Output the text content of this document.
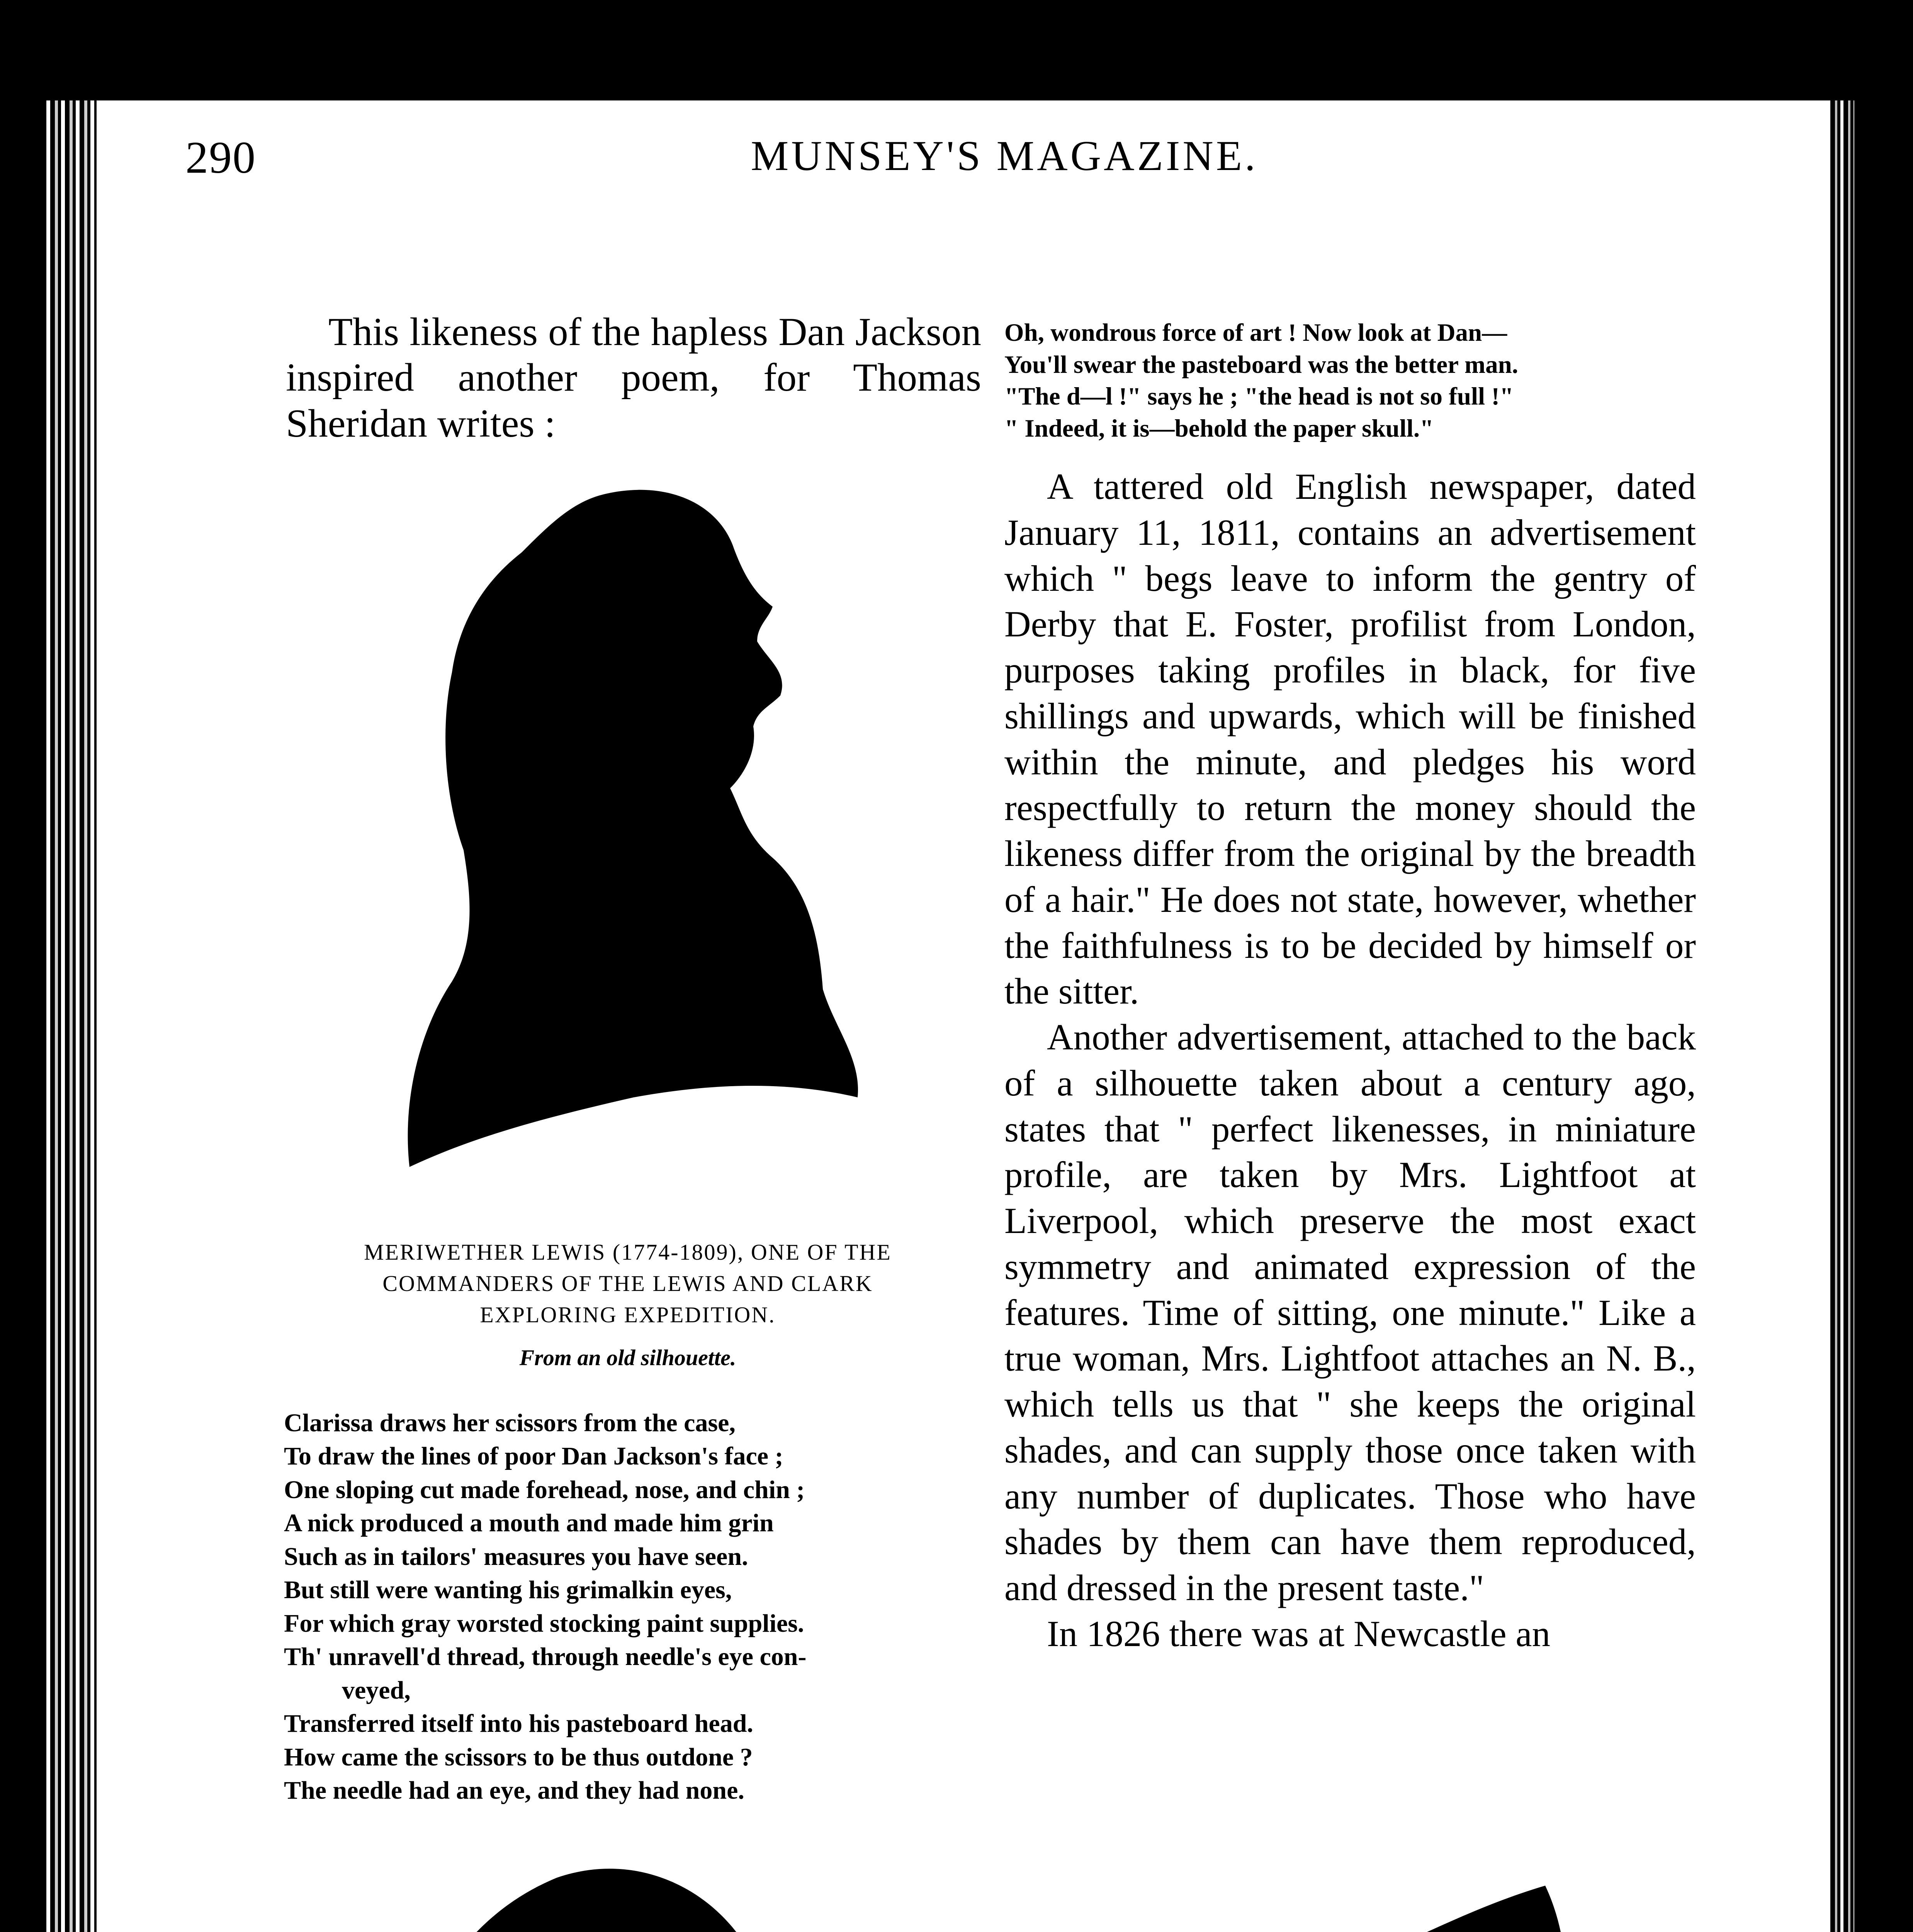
290	MUNSEY'S MAGAZINE.

This likeness of the hapless Dan Jackson inspired another poem, for Thomas Sheridan writes :

Oh, wondrous force of art ! Now look at Dan—
You'll swear the pasteboard was the better man.
"The d—l !" says he ; "the head is not so full !"
" Indeed, it is—behold the paper skull."

A tattered old English newspaper, dated January 11, 1811, contains an advertisement which " begs leave to inform the gentry of Derby that E. Foster, profilist from London, purposes taking profiles in black, for five shillings and upwards, which will be finished within the minute, and pledges his word respectfully to return the money should the likeness differ from the original by the breadth of a hair." He does not state, however, whether the faithfulness is to be decided by himself or the sitter.

Another advertisement, attached to the back of a silhouette taken about a century ago, states that " perfect likenesses, in miniature profile, are taken by Mrs. Lightfoot at Liverpool, which preserve the most exact symmetry and animated expression of the features. Time of sitting, one minute." Like a true woman, Mrs. Lightfoot attaches an N. B., which tells us that " she keeps the original shades, and can supply those once taken with any number of duplicates. Those who have shades by them can have them reproduced, and dressed in the present taste."

In 1826 there was at Newcastle an

MERIWETHER LEWIS (1774-1809), ONE OF THE
COMMANDERS OF THE LEWIS AND CLARK
EXPLORING EXPEDITION.
From an old silhouette.
Clarissa draws her scissors from the case,
To draw the lines of poor Dan Jackson's face ;
One sloping cut made forehead, nose, and chin ;
A nick produced a mouth and made him grin
Such as in tailors' measures you have seen.
But still were wanting his grimalkin eyes,
For which gray worsted stocking paint supplies.
Th' unravell'd thread, through needle's eye con-
veyed,
Transferred itself into his pasteboard head.
How came the scissors to be thus outdone ?
The needle had an eye, and they had none.
